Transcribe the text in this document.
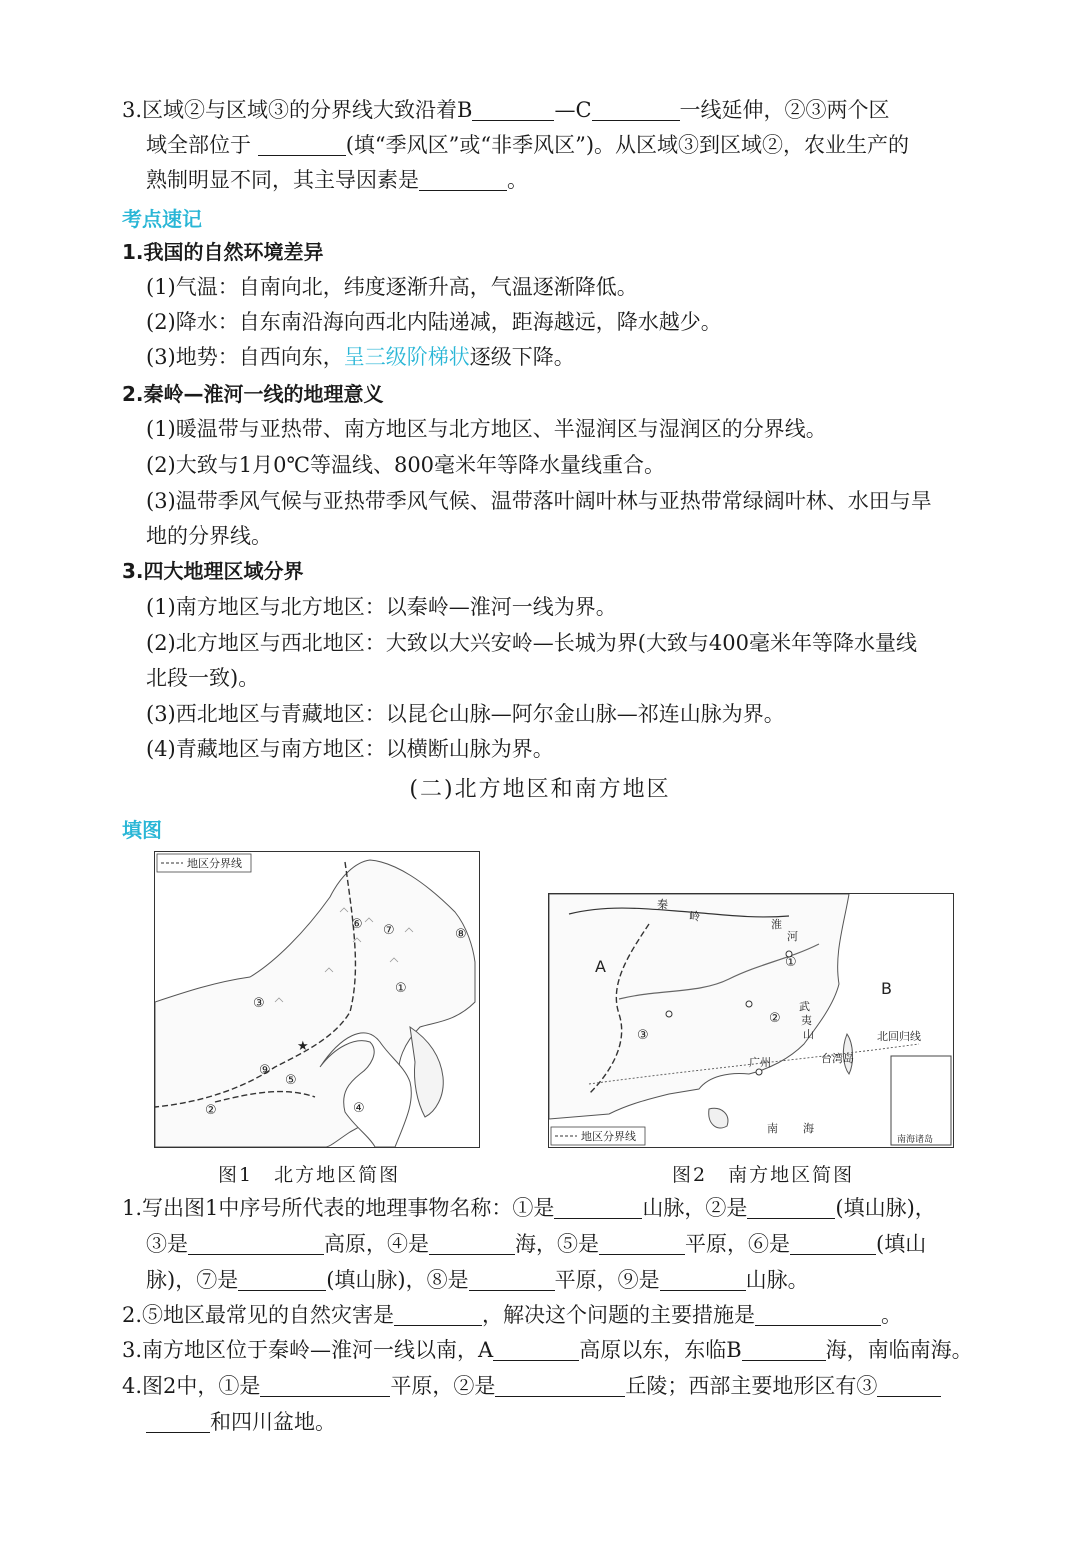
3.区域②与区域③的分界线大致沿着B	—C	一线延伸，②③两个区
域全部位于	(填“季风区”或“非季风区”)。从区域③到区域②，农业生产的
熟制明显不同，其主导因素是	。
考点速记
1.我国的自然环境差异
(1)气温：自南向北，纬度逐渐升高，气温逐渐降低。
(2)降水：自东南沿海向西北内陆递减，距海越远，降水越少。
(3)地势：自西向东，呈三级阶梯状逐级下降。
2.秦岭—淮河一线的地理意义
(1)暖温带与亚热带、南方地区与北方地区、半湿润区与湿润区的分界线。
(2)大致与1月0℃等温线、800毫米年等降水量线重合。
(3)温带季风气候与亚热带季风气候、温带落叶阔叶林与亚热带常绿阔叶林、水田与旱
地的分界线。
3.四大地理区域分界
(1)南方地区与北方地区：以秦岭—淮河一线为界。
(2)北方地区与西北地区：大致以大兴安岭—长城为界(大致与400毫米年等降水量线
北段一致)。
(3)西北地区与青藏地区：以昆仑山脉—阿尔金山脉—祁连山脉为界。
(4)青藏地区与南方地区：以横断山脉为界。
(二)北方地区和南方地区
填图
地区分界线
★
①
②
③
④
⑤
⑥ ⑦	⑧
⑨
图1　北方地区简图
地区分界线
①
②
③
A
B
秦
岭
淮
河
武
夷
山
广州	台湾岛
北回归线
南 海
南海诸岛
图2　南方地区简图
1.写出图1中序号所代表的地理事物名称：①是	山脉，②是	(填山脉)，
③是	高原，④是	海，⑤是	平原，⑥是	(填山
脉)，⑦是	(填山脉)，⑧是	平原，⑨是	山脉。
2.⑤地区最常见的自然灾害是	，解决这个问题的主要措施是	。
3.南方地区位于秦岭—淮河一线以南，A	高原以东，东临B	海，南临南海。
4.图2中，①是	平原，②是	丘陵；西部主要地形区有③
和四川盆地。
